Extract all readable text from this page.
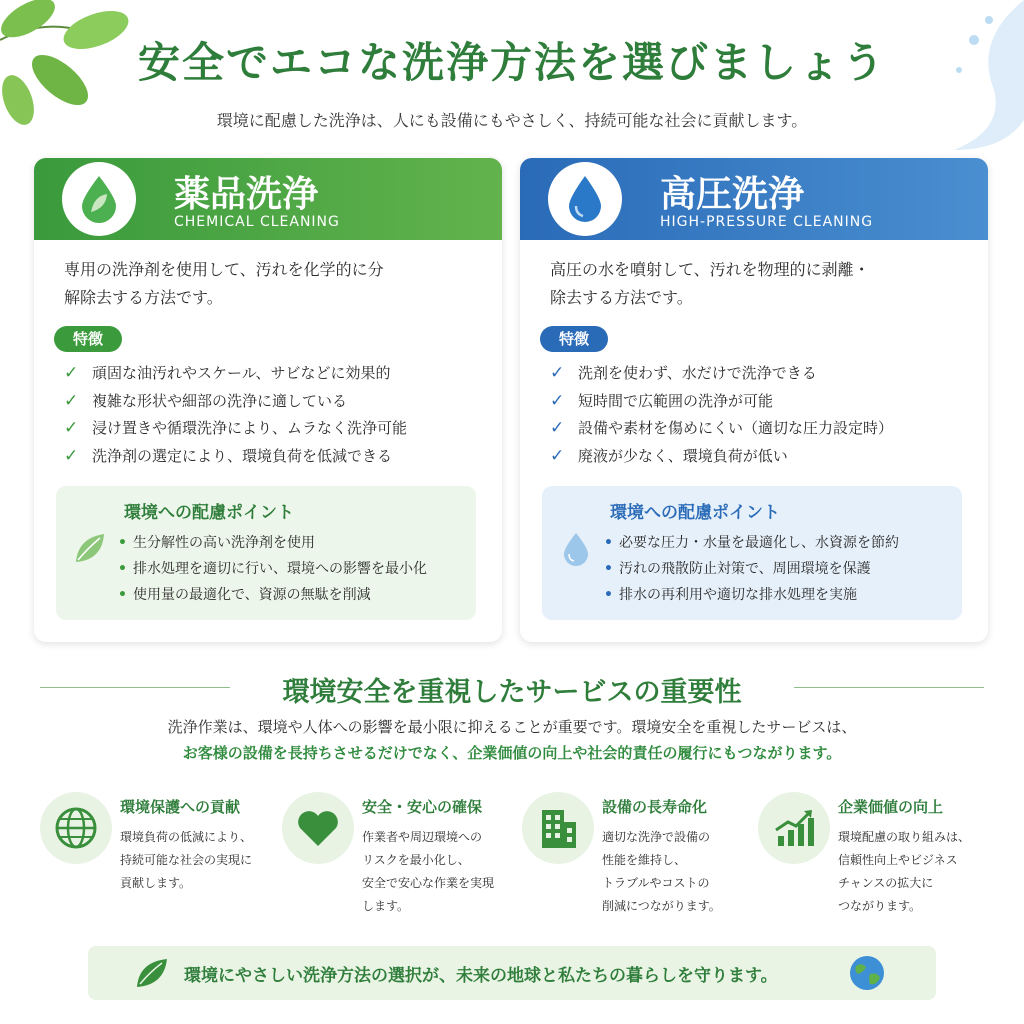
安全でエコな洗浄方法を選びましょう
環境に配慮した洗浄は、人にも設備にもやさしく、持続可能な社会に貢献します。
薬品洗浄
CHEMICAL CLEANING
専用の洗浄剤を使用して、汚れを化学的に分
解除去する方法です。
特徴
✓ 頑固な油汚れやスケール、サビなどに効果的
✓ 複雑な形状や細部の洗浄に適している
✓ 浸け置きや循環洗浄により、ムラなく洗浄可能
✓ 洗浄剤の選定により、環境負荷を低減できる
環境への配慮ポイント
• 生分解性の高い洗浄剤を使用
• 排水処理を適切に行い、環境への影響を最小化
• 使用量の最適化で、資源の無駄を削減
高圧洗浄
HIGH-PRESSURE CLEANING
高圧の水を噴射して、汚れを物理的に剥離・
除去する方法です。
特徴
✓ 洗剤を使わず、水だけで洗浄できる
✓ 短時間で広範囲の洗浄が可能
✓ 設備や素材を傷めにくい（適切な圧力設定時）
✓ 廃液が少なく、環境負荷が低い
環境への配慮ポイント
• 必要な圧力・水量を最適化し、水資源を節約
• 汚れの飛散防止対策で、周囲環境を保護
• 排水の再利用や適切な排水処理を実施
環境安全を重視したサービスの重要性
洗浄作業は、環境や人体への影響を最小限に抑えることが重要です。環境安全を重視したサービスは、
お客様の設備を長持ちさせるだけでなく、企業価値の向上や社会的責任の履行にもつながります。
環境保護への貢献
環境負荷の低減により、
持続可能な社会の実現に
貢献します。
安全・安心の確保
作業者や周辺環境への
リスクを最小化し、
安全で安心な作業を実現
します。
設備の長寿命化
適切な洗浄で設備の
性能を維持し、
トラブルやコストの
削減につながります。
企業価値の向上
環境配慮の取り組みは、
信頼性向上やビジネス
チャンスの拡大に
つながります。
環境にやさしい洗浄方法の選択が、未来の地球と私たちの暮らしを守ります。
